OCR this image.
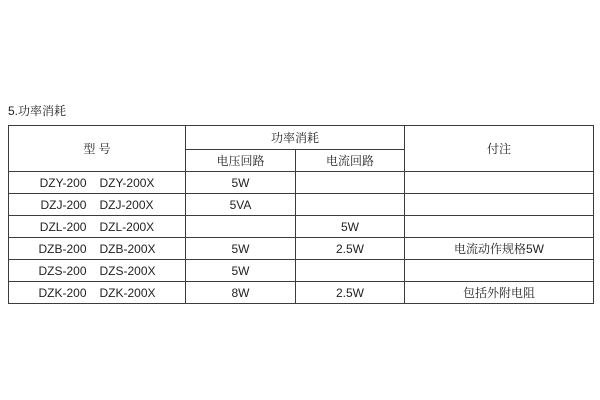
5.功率消耗
型 号	功率消耗		付注
	电压回路	电流回路	
DZY-200 DZY-200X	5W		
DZJ-200 DZJ-200X	5VA		
DZL-200 DZL-200X		5W	
DZB-200 DZB-200X	5W	2.5W	电流动作规格5W
DZS-200 DZS-200X	5W		
DZK-200 DZK-200X	8W	2.5W	包括外附电阻
